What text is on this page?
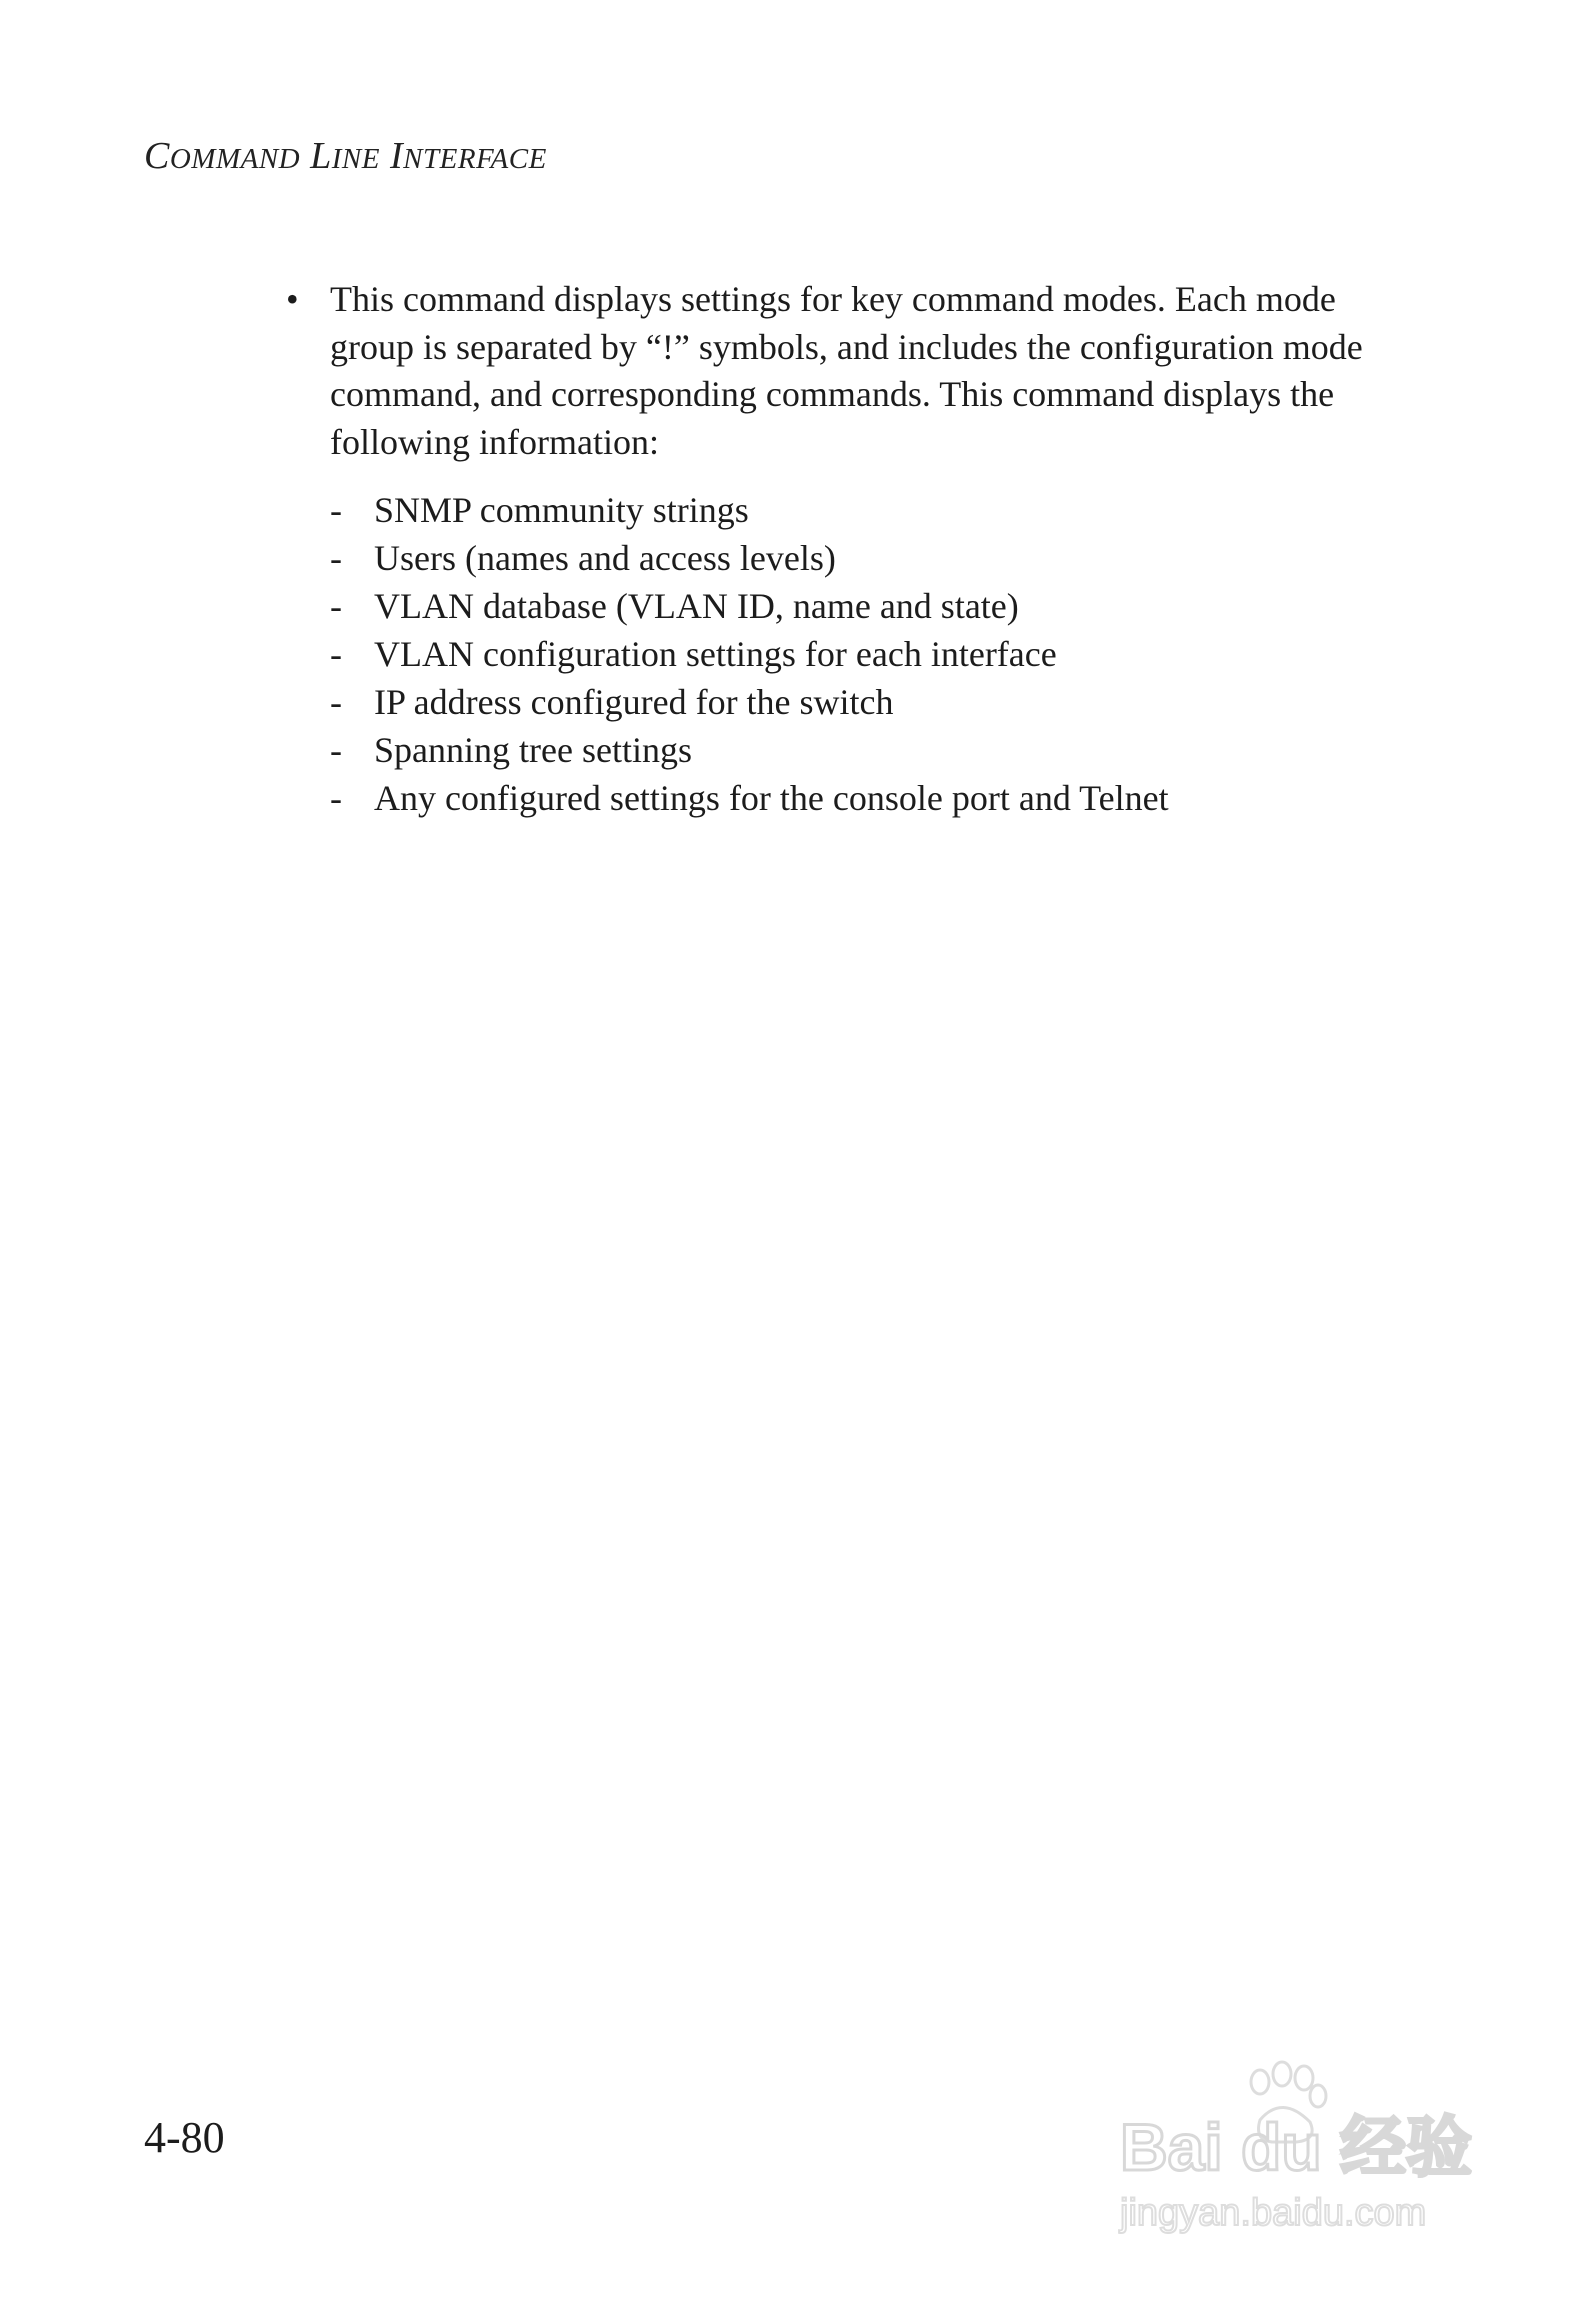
COMMAND LINE INTERFACE
• This command displays settings for key command modes. Each mode group is separated by “!” symbols, and includes the configuration mode command, and corresponding commands. This command displays the following information:
- SNMP community strings
- Users (names and access levels)
- VLAN database (VLAN ID, name and state)
- VLAN configuration settings for each interface
- IP address configured for the switch
- Spanning tree settings
- Any configured settings for the console port and Telnet
4-80	Bai du 经验
jingyan.baidu.com
